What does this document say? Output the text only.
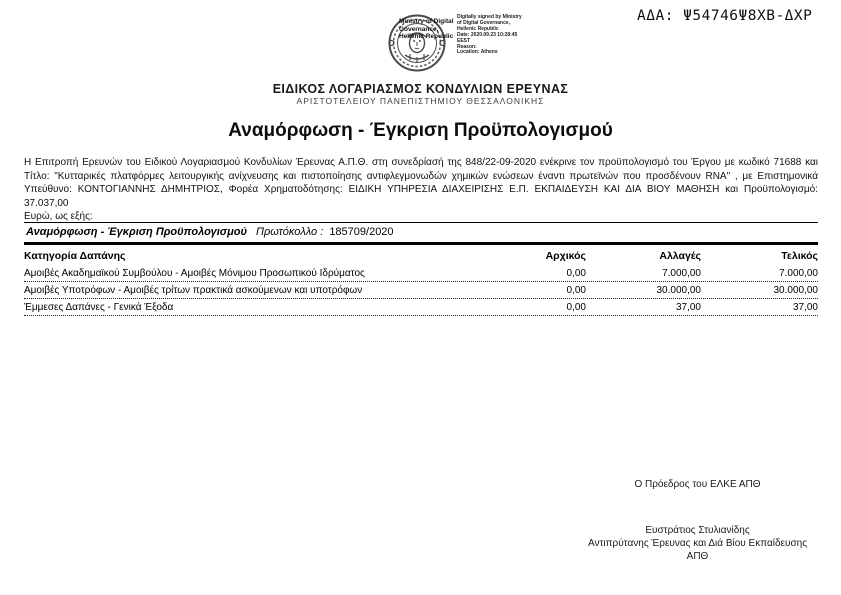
ΑΔΑ: Ψ54746Ψ8ΧΒ-ΔΧΡ
Ministry of Digital
Governance,
Hellenic Republic
Digitally signed by Ministry
of Digital Governance,
Hellenic Republic
Date: 2020.09.23 10:28:45
EEST
Reason:
Location: Athens
ΕΙΔΙΚΟΣ ΛΟΓΑΡΙΑΣΜΟΣ ΚΟΝΔΥΛΙΩΝ ΕΡΕΥΝΑΣ
ΑΡΙΣΤΟΤΕΛΕΙΟΥ ΠΑΝΕΠΙΣΤΗΜΙΟΥ ΘΕΣΣΑΛΟΝΙΚΗΣ
Αναμόρφωση - Έγκριση Προϋπολογισμού
Η Επιτροπή Ερευνών του Ειδικού Λογαριασμού Κονδυλίων Έρευνας Α.Π.Θ. στη συνεδρίασή της 848/22-09-2020 ενέκρινε τον προϋπολογισμό του Έργου με κωδικό 71688 και
Τίτλο: "Κυτταρικές πλατφόρμες λειτουργικής ανίχνευσης και πιστοποίησης αντιφλεγμονωδών χημικών ενώσεων έναντι πρωτεϊνών που προσδένουν RNA" , με Επιστημονικά
Υπεύθυνο: ΚΟΝΤΟΓΙΑΝΝΗΣ ΔΗΜΗΤΡΙΟΣ, Φορέα Χρηματοδότησης: ΕΙΔΙΚΗ ΥΠΗΡΕΣΙΑ ΔΙΑΧΕΙΡΙΣΗΣ Ε.Π. ΕΚΠΑΙΔΕΥΣΗ ΚΑΙ ΔΙΑ ΒΙΟΥ ΜΑΘΗΣΗ και Προϋπολογισμό: 37.037,00
Ευρώ, ως εξής:
Αναμόρφωση - Έγκριση Προϋπολογισμού Πρωτόκολλο : 185709/2020
Κατηγορία Δαπάνης	Αρχικός	Αλλαγές	Τελικός
Αμοιβές Ακαδημαϊκού Συμβούλου - Αμοιβές Μόνιμου Προσωπικού Ιδρύματος	0,00	7.000,00	7.000,00
Αμοιβές Υποτρόφων - Αμοιβές τρίτων πρακτικά ασκούμενων και υποτρόφων	0,00	30.000,00	30.000,00
Έμμεσες Δαπάνες - Γενικά Έξοδα	0,00	37,00	37,00
Ο Πρόεδρος του ΕΛΚΕ ΑΠΘ
Ευστράτιος Στυλιανίδης
Αντιπρύτανης Έρευνας και Διά Βίου Εκπαίδευσης
ΑΠΘ
